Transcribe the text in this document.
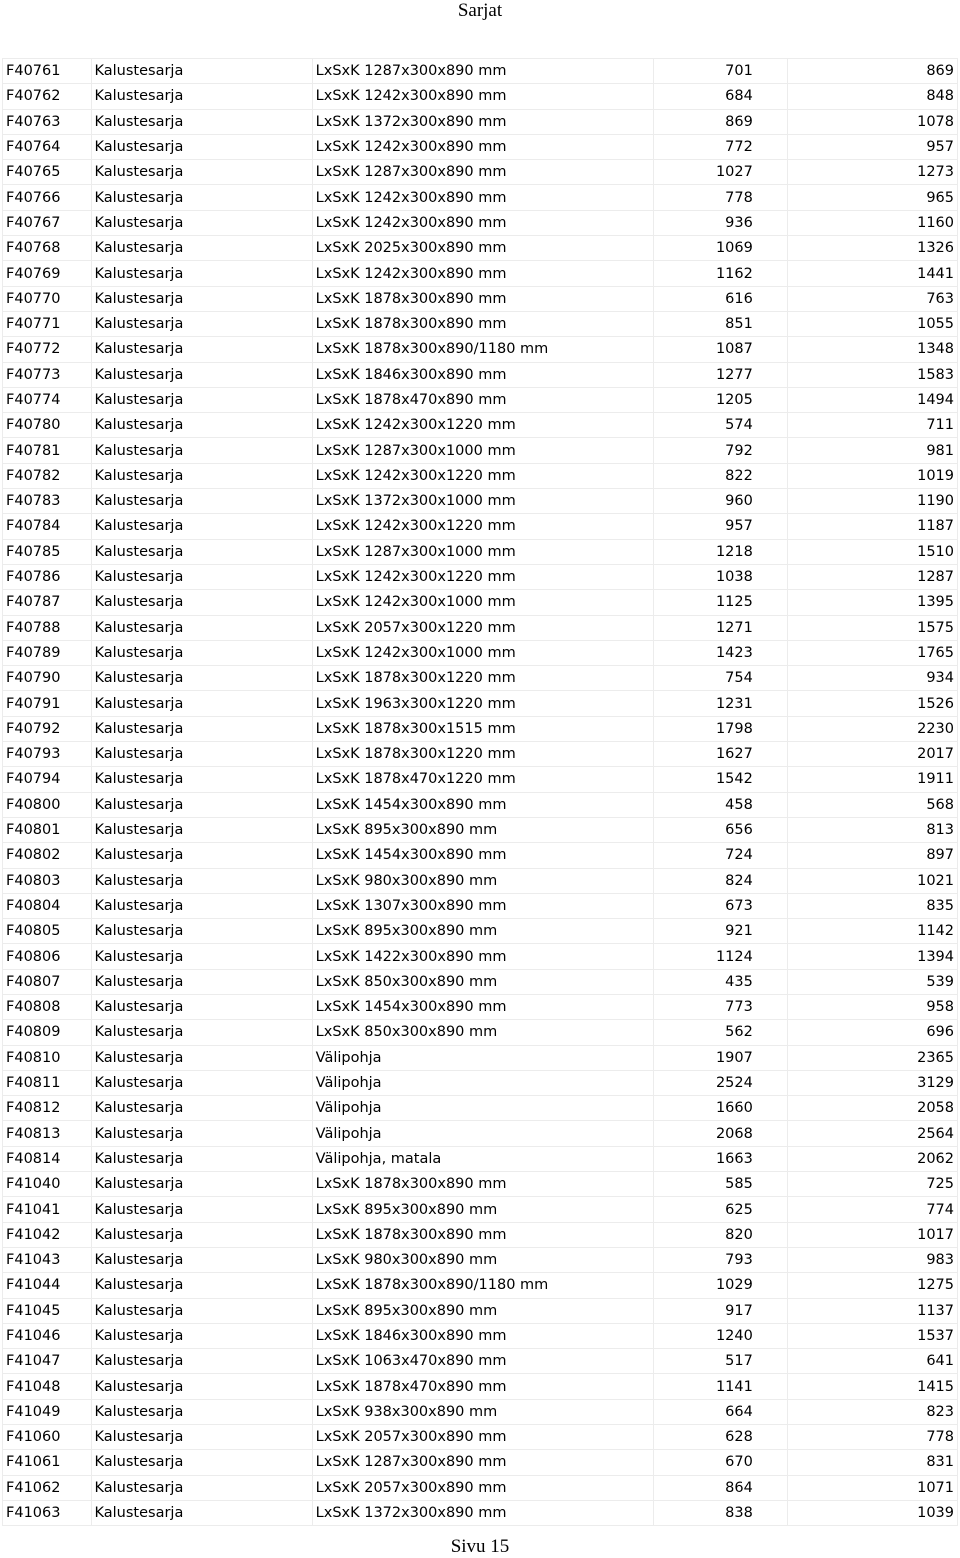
Sarjat
F40761	Kalustesarja	LxSxK 1287x300x890 mm	701	869
F40762	Kalustesarja	LxSxK 1242x300x890 mm	684	848
F40763	Kalustesarja	LxSxK 1372x300x890 mm	869	1078
F40764	Kalustesarja	LxSxK 1242x300x890 mm	772	957
F40765	Kalustesarja	LxSxK 1287x300x890 mm	1027	1273
F40766	Kalustesarja	LxSxK 1242x300x890 mm	778	965
F40767	Kalustesarja	LxSxK 1242x300x890 mm	936	1160
F40768	Kalustesarja	LxSxK 2025x300x890 mm	1069	1326
F40769	Kalustesarja	LxSxK 1242x300x890 mm	1162	1441
F40770	Kalustesarja	LxSxK 1878x300x890 mm	616	763
F40771	Kalustesarja	LxSxK 1878x300x890 mm	851	1055
F40772	Kalustesarja	LxSxK 1878x300x890/1180 mm	1087	1348
F40773	Kalustesarja	LxSxK 1846x300x890 mm	1277	1583
F40774	Kalustesarja	LxSxK 1878x470x890 mm	1205	1494
F40780	Kalustesarja	LxSxK 1242x300x1220 mm	574	711
F40781	Kalustesarja	LxSxK 1287x300x1000 mm	792	981
F40782	Kalustesarja	LxSxK 1242x300x1220 mm	822	1019
F40783	Kalustesarja	LxSxK 1372x300x1000 mm	960	1190
F40784	Kalustesarja	LxSxK 1242x300x1220 mm	957	1187
F40785	Kalustesarja	LxSxK 1287x300x1000 mm	1218	1510
F40786	Kalustesarja	LxSxK 1242x300x1220 mm	1038	1287
F40787	Kalustesarja	LxSxK 1242x300x1000 mm	1125	1395
F40788	Kalustesarja	LxSxK 2057x300x1220 mm	1271	1575
F40789	Kalustesarja	LxSxK 1242x300x1000 mm	1423	1765
F40790	Kalustesarja	LxSxK 1878x300x1220 mm	754	934
F40791	Kalustesarja	LxSxK 1963x300x1220 mm	1231	1526
F40792	Kalustesarja	LxSxK 1878x300x1515 mm	1798	2230
F40793	Kalustesarja	LxSxK 1878x300x1220 mm	1627	2017
F40794	Kalustesarja	LxSxK 1878x470x1220 mm	1542	1911
F40800	Kalustesarja	LxSxK 1454x300x890 mm	458	568
F40801	Kalustesarja	LxSxK 895x300x890 mm	656	813
F40802	Kalustesarja	LxSxK 1454x300x890 mm	724	897
F40803	Kalustesarja	LxSxK 980x300x890 mm	824	1021
F40804	Kalustesarja	LxSxK 1307x300x890 mm	673	835
F40805	Kalustesarja	LxSxK 895x300x890 mm	921	1142
F40806	Kalustesarja	LxSxK 1422x300x890 mm	1124	1394
F40807	Kalustesarja	LxSxK 850x300x890 mm	435	539
F40808	Kalustesarja	LxSxK 1454x300x890 mm	773	958
F40809	Kalustesarja	LxSxK 850x300x890 mm	562	696
F40810	Kalustesarja	Välipohja	1907	2365
F40811	Kalustesarja	Välipohja	2524	3129
F40812	Kalustesarja	Välipohja	1660	2058
F40813	Kalustesarja	Välipohja	2068	2564
F40814	Kalustesarja	Välipohja, matala	1663	2062
F41040	Kalustesarja	LxSxK 1878x300x890 mm	585	725
F41041	Kalustesarja	LxSxK 895x300x890 mm	625	774
F41042	Kalustesarja	LxSxK 1878x300x890 mm	820	1017
F41043	Kalustesarja	LxSxK 980x300x890 mm	793	983
F41044	Kalustesarja	LxSxK 1878x300x890/1180 mm	1029	1275
F41045	Kalustesarja	LxSxK 895x300x890 mm	917	1137
F41046	Kalustesarja	LxSxK 1846x300x890 mm	1240	1537
F41047	Kalustesarja	LxSxK 1063x470x890 mm	517	641
F41048	Kalustesarja	LxSxK 1878x470x890 mm	1141	1415
F41049	Kalustesarja	LxSxK 938x300x890 mm	664	823
F41060	Kalustesarja	LxSxK 2057x300x890 mm	628	778
F41061	Kalustesarja	LxSxK 1287x300x890 mm	670	831
F41062	Kalustesarja	LxSxK 2057x300x890 mm	864	1071
F41063	Kalustesarja	LxSxK 1372x300x890 mm	838	1039
Sivu 15
